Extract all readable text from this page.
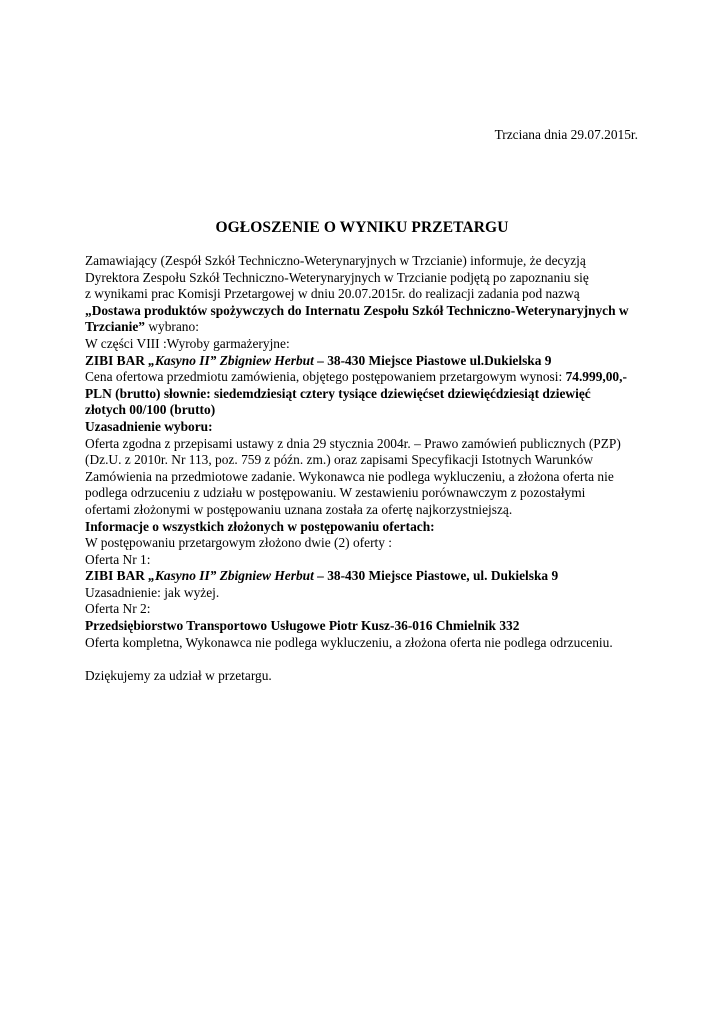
Trzciana dnia 29.07.2015r.
OGŁOSZENIE O WYNIKU PRZETARGU

Zamawiający (Zespół Szkół Techniczno-Weterynaryjnych w Trzcianie) informuje, że decyzją

Dyrektora Zespołu Szkół Techniczno-Weterynaryjnych w Trzcianie podjętą po zapoznaniu się

z wynikami prac Komisji Przetargowej w dniu 20.07.2015r. do realizacji zadania pod nazwą

„Dostawa produktów spożywczych do Internatu Zespołu Szkół Techniczno-Weterynaryjnych w

Trzcianie” wybrano:

W części VIII :Wyroby garmażeryjne:

ZIBI BAR „Kasyno II” Zbigniew Herbut – 38-430 Miejsce Piastowe ul.Dukielska 9

Cena ofertowa przedmiotu zamówienia, objętego postępowaniem przetargowym wynosi: 74.999,00,-

PLN (brutto) słownie: siedemdziesiąt cztery tysiące dziewięćset dziewięćdziesiąt dziewięć

złotych 00/100 (brutto)

Uzasadnienie wyboru:

Oferta zgodna z przepisami ustawy z dnia 29 stycznia 2004r. – Prawo zamówień publicznych (PZP)

(Dz.U. z 2010r. Nr 113, poz. 759 z późn. zm.) oraz zapisami Specyfikacji Istotnych Warunków

Zamówienia na przedmiotowe zadanie. Wykonawca nie podlega wykluczeniu, a złożona oferta nie

podlega odrzuceniu z udziału w postępowaniu. W zestawieniu porównawczym z pozostałymi

ofertami złożonymi w postępowaniu uznana została za ofertę najkorzystniejszą.

Informacje o wszystkich złożonych w postępowaniu ofertach:

W postępowaniu przetargowym złożono dwie (2) oferty :

Oferta Nr 1:

ZIBI BAR „Kasyno II” Zbigniew Herbut – 38-430 Miejsce Piastowe, ul. Dukielska 9

Uzasadnienie: jak wyżej.

Oferta Nr 2:

Przedsiębiorstwo Transportowo Usługowe Piotr Kusz-36-016 Chmielnik 332

Oferta kompletna, Wykonawca nie podlega wykluczeniu, a złożona oferta nie podlega odrzuceniu.

Dziękujemy za udział w przetargu.
